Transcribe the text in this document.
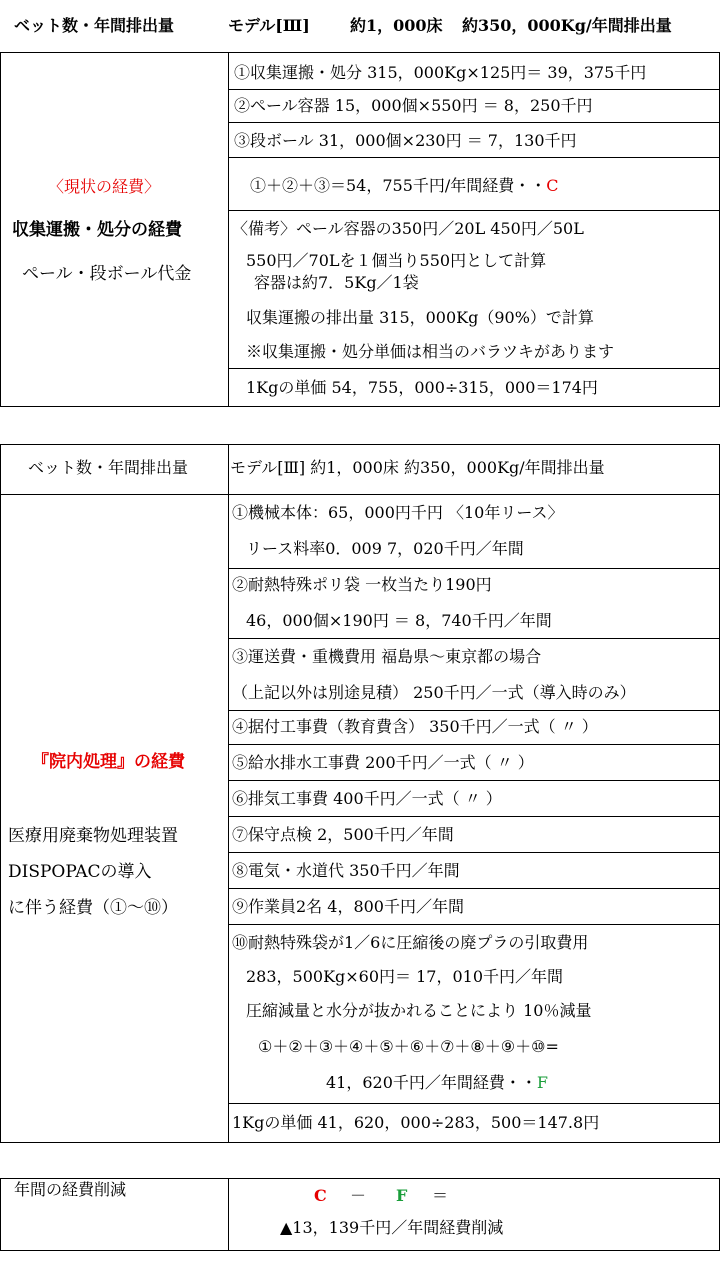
ベット数・年間排出量	モデル[Ⅲ]	約1，000床 約350，000Kg/年間排出量
〈現状の経費〉
収集運搬・処分の経費
ペール・段ボール代金
①収集運搬・処分 315，000Kg×125円＝ 39，375千円
②ペール容器 15，000個×550円 ＝ 8，250千円
③段ボール 31，000個×230円 ＝ 7，130千円
①＋②＋③＝54，755千円/年間経費・・C
〈備考〉ペール容器の350円／20L 450円／50L
550円／70Lを１個当り550円として計算
容器は約7．5Kg／1袋
収集運搬の排出量 315，000Kg（90%）で計算
※収集運搬・処分単価は相当のバラツキがあります
1Kgの単価 54，755，000÷315，000＝174円
ベット数・年間排出量	モデル[Ⅲ] 約1，000床 約350，000Kg/年間排出量
『院内処理』の経費
医療用廃棄物処理装置
DISPOPACの導入
に伴う経費（①～⑩）
①機械本体：65，000円千円 〈10年リース〉
リース料率0．009 7，020千円／年間
②耐熱特殊ポリ袋 一枚当たり190円
46，000個×190円 ＝ 8，740千円／年間
③運送費・重機費用 福島県～東京都の場合
（上記以外は別途見積） 250千円／一式（導入時のみ）
④据付工事費（教育費含） 350千円／一式（ 〃 ）
⑤給水排水工事費 200千円／一式（ 〃 ）
⑥排気工事費 400千円／一式（ 〃 ）
⑦保守点検 2，500千円／年間
⑧電気・水道代 350千円／年間
⑨作業員2名 4，800千円／年間
⑩耐熱特殊袋が1／6に圧縮後の廃プラの引取費用
283，500Kg×60円＝ 17，010千円／年間
圧縮減量と水分が抜かれることにより 10％減量
①＋②＋③＋④＋⑤＋⑥＋⑦＋⑧＋⑨＋⑩=
41，620千円／年間経費・・F
1Kgの単価 41，620，000÷283，500＝147.8円
年間の経費削減	C － F ＝
▲13，139千円／年間経費削減
